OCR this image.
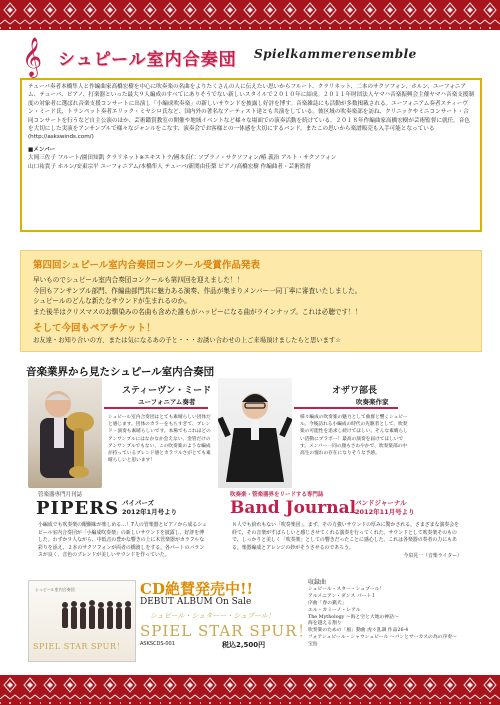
𝄞 シュピール室内合奏団 Spielkammerensemble

テューバ奏者本橋隼人と作編曲家高橋宏樹を中心に吹奏楽の名曲をよりたくさんの人に伝えたい思いからフルート、クラリネット、二本のサクソフォン、ホルン、ユーフォニアム、テューバ、ピアノ、打楽器といった最大９人編成のすべてにありそうでない新しいスタイルで２０１０年に結成。２０１１年財団法人ヤマハ音楽振興会主催ヤマハ音楽支援制度の対象者に選ばれ音楽支援コンサートに出演し「小編成吹奏楽」の新しいサウンドを披露し好評を博す。音楽雑誌にも活動が多数掲載される。ユーフォニアム奏者スティーヴン・ミード氏、トランペット奏者エリック・ミヤシロ氏など、国内外の著名なアーティスト達とも共演をしている。彼区域の吹奏楽部を訪ね、クリニックやミニコンサート・合同コンサートを行うなど自主公演のほか、芸術鑑賞教室の開催や地域イベントなど様々な場面での演奏活動を続けている。２０１８年作編曲家高橋宏樹が芸術監督に就任。音色を大切にした実演をアンサンブルで様々なジャンルをこなす、演奏会でお客様との一体感を大切にするバンド。またこの思いから楽譜販売も入手可能となっている(http://askswinds.com/)

■メンバー

大岡三佐子 フルート/園田知凱 クラリネット※エキストラ/國本貞仁 ソプラノ・サクソフォン/椿 義治 アルト・サクソフォン

山口祐貴子 ホルン/安東宗平 ユーフォニアム/本橋隼人 テューバ/新関由佳梨 ピアノ/高橋宏樹 作編曲者・芸術監督

第四回シュピール室内合奏団コンクール受賞作品発表
早いものでシュピール室内合奏団コンクールも第四回を迎えました！！
今回もアンサンブル部門、作編曲部門共に魅力ある演奏、作品が集まりメンバー一同丁寧に審査いたしました。
シュピールのどんな新たなサウンドが生まれるのか。
また後半はクリスマスのお馴染みの名曲も含めた誰もがハッピーになる曲がラインナップ。これは必聴です！！
そして今回もペアチケット！
お友達・お知り合いの方、または気になるあの子と・・・お誘い合わせの上ご来場頂けましたらと思います☆
音楽業界から見たシュピール室内合奏団
スティーヴン・ミード
ユーフォニアム奏者
シュピール室内合奏団はとても素晴らしい団体だと感じます。団体のカラーをもちすぎて、ブレンド・演奏も素晴らしいです。本場でもこれほどのアンサンブルにはなかなか会えない、金管だけのアンサンブルでもない、この吹奏楽のような編成が持っているブレンド感とカラフルさがとても素晴らしいと思います！
オザワ部長
吹奏楽作家
様々編成の吹奏楽の魅力として曲群と響くシュピール。今後訪れる小編成の時代の先駆者として、吹奏楽の可能性を追求し続けてほしい。そんな素晴らしい活動にブラボー！最高の演奏を届けてほしいです。メンバー一同の顔もさわやかで、吹奏楽部の中高生の憧れの存在になりそうな予感。
管楽器専門月刊誌
PIPERS パイパーズ
2012年1月号より
小編成でも吹奏楽の醍醐味が楽しめる…！7人の管楽器とピアノから成るシュピール室内合奏団が「小編成吹奏楽」の新しいサウンドを披露し、好評を博した。わずか９人ながら、中低音の豊かな響きの上に木管楽器がカラフルな彩りを添え、２本のサクソフォンが両者の橋渡しをする。各パートのバランスが良く、音色のブレンドが美しいサウンドを作っていた。
吹奏楽・管楽器界をリードする専門誌
Band Journal
バンドジャーナル
2012年11月号より
８人でも紛れもない「吹奏楽団」。まず、その力強いサウンドの厚みに驚かされる。さまざまな演奏会を経て、その音楽がすばらしいと感じさせてくれる演奏を行ってくれた。サウンドとして吹奏楽そのもので、しっかりと美しく「吹奏楽」としての響きだったことに感心した。これは各楽器の奏者の力にもある。楽器編成とアレンジの妙がそうさせるのであろう。
今泉晃一（音楽ライター）
シュピール室内合奏団
SPIEL STAR SPUR！
CD絶賛発売中!!
DEBUT ALBUM On Sale
シュピール・シュターー・シュプール！
SPIEL STAR SPUR！
ASKSCDS-001	税込2,500円
収録曲
シュピール・スター・シュプール！
アルメニアン・ダンス パート１
序曲「春の猟犬」
エル・カミーノ・レアル
The Mythology ～海と空と大地の神話～
海を越える翔り
吹奏楽のための「風」動曲 虎々乱調 作品26-4
フォアシュピール・シャウシュピール ～バンとサーカスの為の序奏～
宝島
